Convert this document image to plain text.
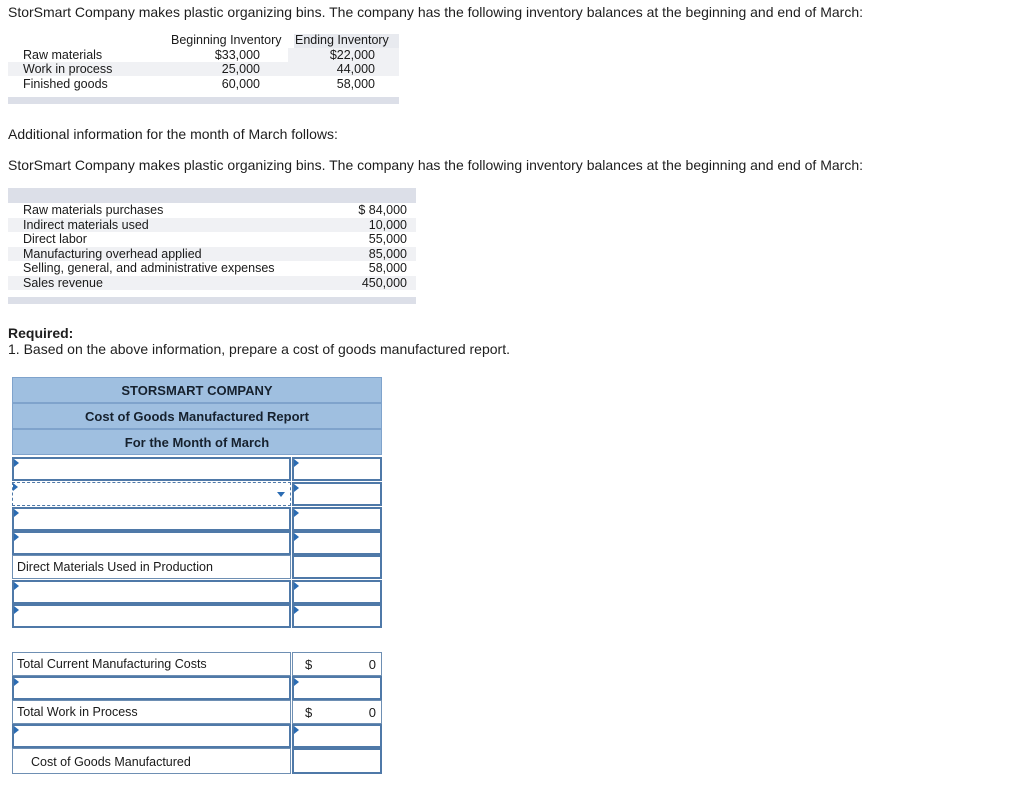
StorSmart Company makes plastic organizing bins. The company has the following inventory balances at the beginning and end of March:

Beginning Inventory Ending Inventory
Raw materials	$33,000	$22,000
Work in process	25,000	44,000
Finished goods	60,000	58,000

Additional information for the month of March follows:

StorSmart Company makes plastic organizing bins. The company has the following inventory balances at the beginning and end of March:

Raw materials purchases	$ 84,000
Indirect materials used	10,000
Direct labor	55,000
Manufacturing overhead applied	85,000
Selling, general, and administrative expenses	58,000
Sales revenue	450,000

Required:

1. Based on the above information, prepare a cost of goods manufactured report.

STORSMART COMPANY
Cost of Goods Manufactured Report
For the Month of March
Direct Materials Used in Production
Total Current Manufacturing Costs	$	0
Total Work in Process	$	0
Cost of Goods Manufactured
